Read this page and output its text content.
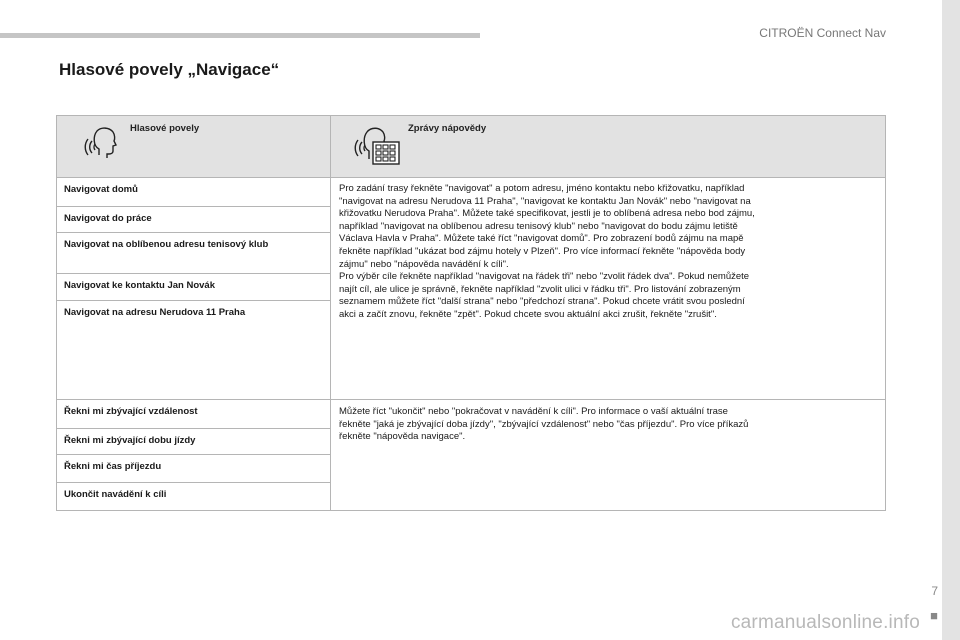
CITROËN Connect Nav
Hlasové povely „Navigace“
Hlasové povely	Zprávy nápovědy
Navigovat domů
Navigovat do práce
Navigovat na oblíbenou adresu tenisový klub
Navigovat ke kontaktu Jan Novák
Navigovat na adresu Nerudova 11 Praha
Pro zadání trasy řekněte "navigovat" a potom adresu, jméno kontaktu nebo křižovatku, například
"navigovat na adresu Nerudova 11 Praha", "navigovat ke kontaktu Jan Novák" nebo "navigovat na
křižovatku Nerudova Praha". Můžete také specifikovat, jestli je to oblíbená adresa nebo bod zájmu,
například "navigovat na oblíbenou adresu tenisový klub" nebo "navigovat do bodu zájmu letiště
Václava Havla v Praha". Můžete také říct "navigovat domů". Pro zobrazení bodů zájmu na mapě
řekněte například "ukázat bod zájmu hotely v Plzeň". Pro více informací řekněte "nápověda body
zájmu" nebo "nápověda navádění k cíli".
Pro výběr cíle řekněte například "navigovat na řádek tři" nebo "zvolit řádek dva". Pokud nemůžete
najít cíl, ale ulice je správně, řekněte například "zvolit ulici v řádku tři". Pro listování zobrazeným
seznamem můžete říct "další strana" nebo "předchozí strana". Pokud chcete vrátit svou poslední
akci a začít znovu, řekněte "zpět". Pokud chcete svou aktuální akci zrušit, řekněte "zrušit".
Řekni mi zbývající vzdálenost
Řekni mi zbývající dobu jízdy
Řekni mi čas příjezdu
Ukončit navádění k cíli
Můžete říct "ukončit" nebo "pokračovat v navádění k cíli". Pro informace o vaší aktuální trase
řekněte "jaká je zbývající doba jízdy", "zbývající vzdálenost" nebo "čas příjezdu". Pro více příkazů
řekněte "nápověda navigace".
7
■
carmanualsonline.info
